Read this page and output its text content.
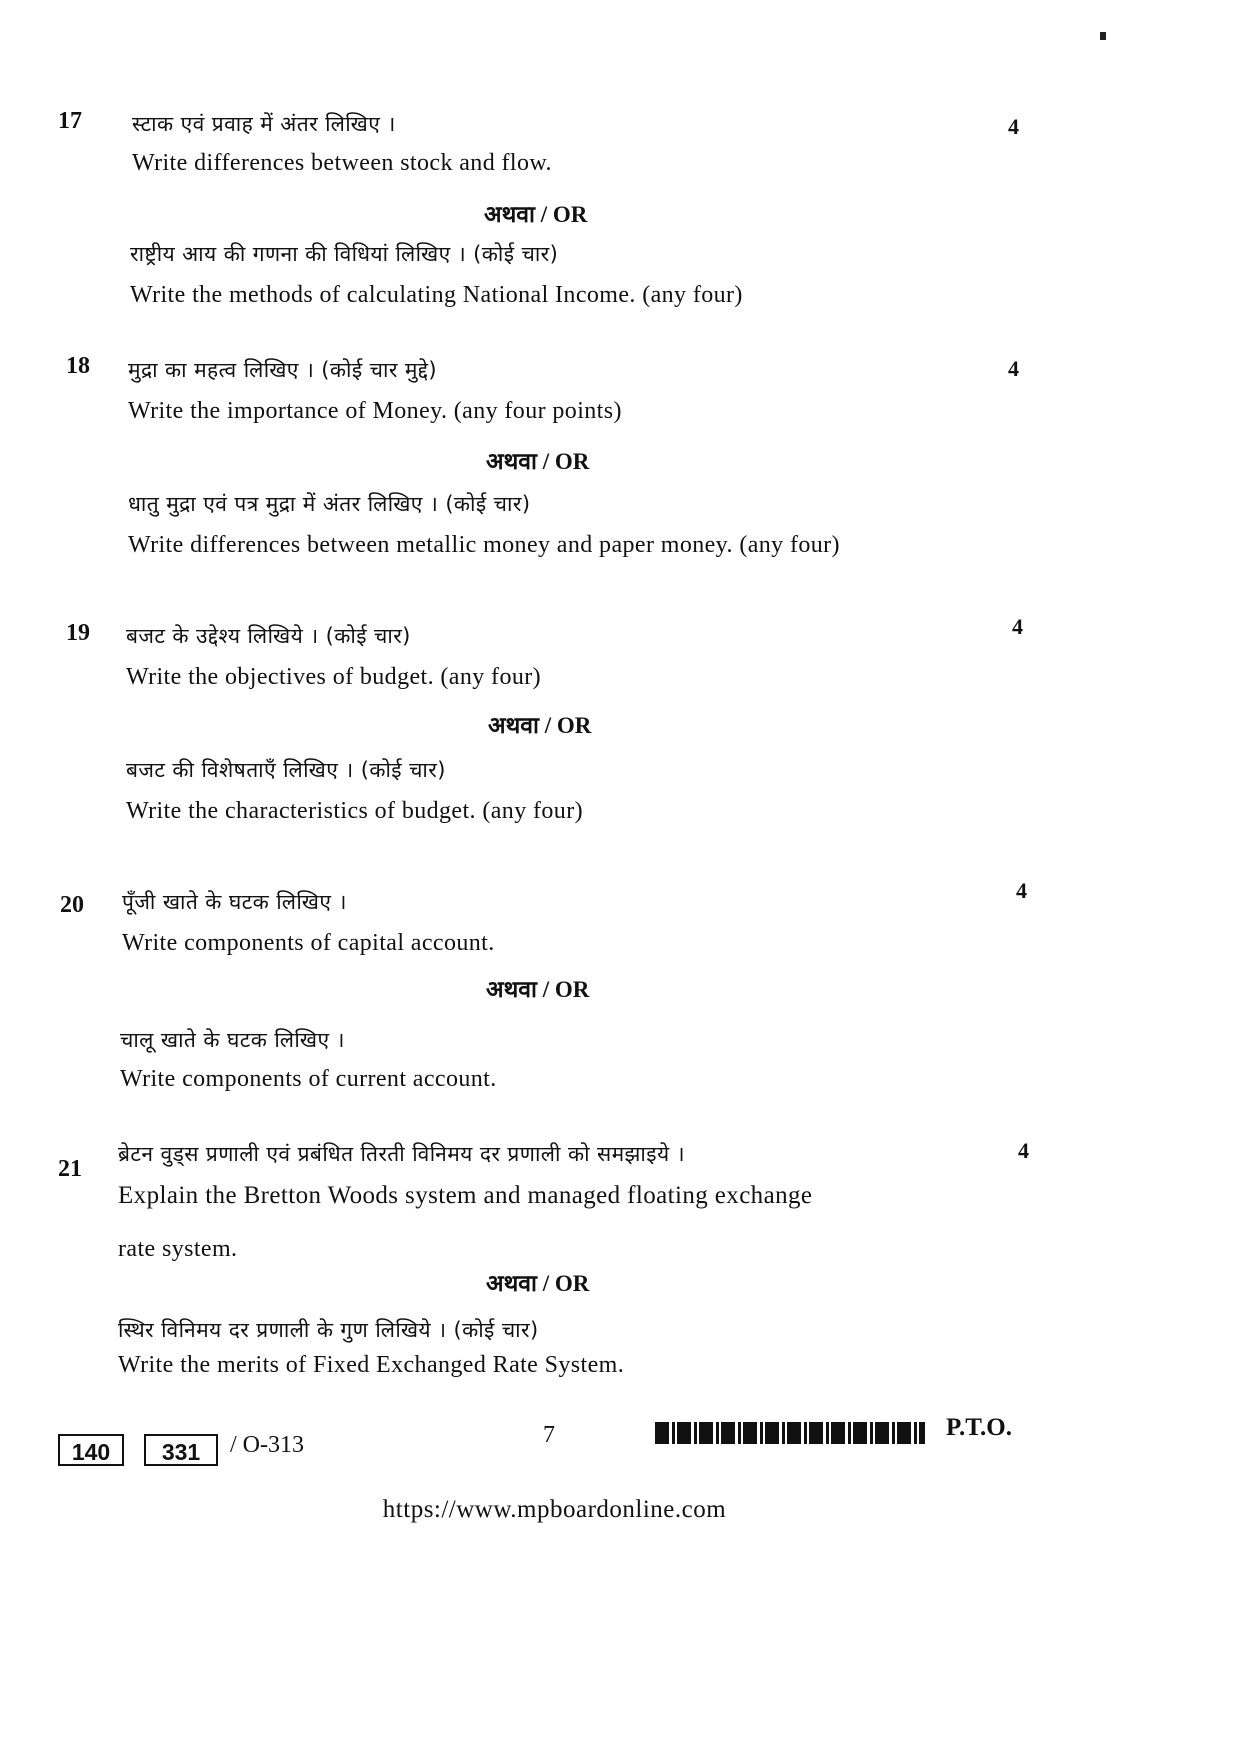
17	4
स्टाक एवं प्रवाह में अंतर लिखिए ।
Write differences between stock and flow.
अथवा / OR
राष्ट्रीय आय की गणना की विधियां लिखिए । (कोई चार)
Write the methods of calculating National Income. (any four)
18	4
मुद्रा का महत्व लिखिए । (कोई चार मुद्दे)
Write the importance of Money. (any four points)
अथवा / OR
धातु मुद्रा एवं पत्र मुद्रा में अंतर लिखिए । (कोई चार)
Write differences between metallic money and paper money. (any four)
19	4
बजट के उद्देश्य लिखिये । (कोई चार)
Write the objectives of budget. (any four)
अथवा / OR
बजट की विशेषताएँ लिखिए । (कोई चार)
Write the characteristics of budget. (any four)
20
4
पूँजी खाते के घटक लिखिए ।
Write components of capital account.
अथवा / OR
चालू खाते के घटक लिखिए ।
Write components of current account.
21
4
ब्रेटन वुड्स प्रणाली एवं प्रबंधित तिरती विनिमय दर प्रणाली को समझाइये ।
Explain the Bretton Woods system and managed floating exchange
rate system.
अथवा / OR
स्थिर विनिमय दर प्रणाली के गुण लिखिये । (कोई चार)
Write the merits of Fixed Exchanged Rate System.
140	331	/ O-313	7	P.T.O.
https://www.mpboardonline.com
